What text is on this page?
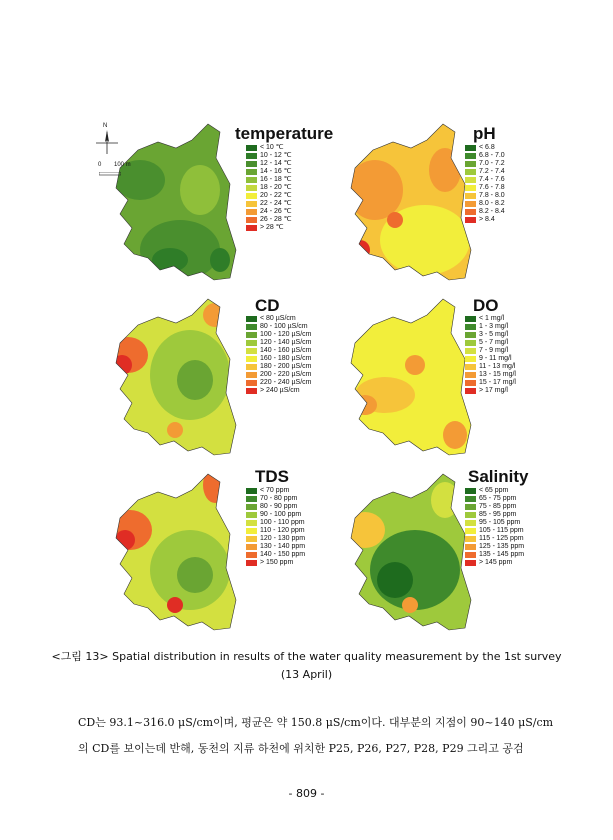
N
0 100 m
temperature	pH
CD	DO
TDS	Salinity
< 10 ℃
10 - 12 ℃
12 - 14 ℃
14 - 16 ℃
16 - 18 ℃
18 - 20 ℃
20 - 22 ℃
22 - 24 ℃
24 - 26 ℃
26 - 28 ℃
> 28 ℃
< 6.8
6.8 - 7.0
7.0 - 7.2
7.2 - 7.4
7.4 - 7.6
7.6 - 7.8
7.8 - 8.0
8.0 - 8.2
8.2 - 8.4
> 8.4
< 80 µS/cm
80 - 100 µS/cm
100 - 120 µS/cm
120 - 140 µS/cm
140 - 160 µS/cm
160 - 180 µS/cm
180 - 200 µS/cm
200 - 220 µS/cm
220 - 240 µS/cm
> 240 µS/cm
< 1 mg/l
1 - 3 mg/l
3 - 5 mg/l
5 - 7 mg/l
7 - 9 mg/l
9 - 11 mg/l
11 - 13 mg/l
13 - 15 mg/l
15 - 17 mg/l
> 17 mg/l
< 70 ppm
70 - 80 ppm
80 - 90 ppm
90 - 100 ppm
100 - 110 ppm
110 - 120 ppm
120 - 130 ppm
130 - 140 ppm
140 - 150 ppm
> 150 ppm
< 65 ppm
65 - 75 ppm
75 - 85 ppm
85 - 95 ppm
95 - 105 ppm
105 - 115 ppm
115 - 125 ppm
125 - 135 ppm
135 - 145 ppm
> 145 ppm
<그림 13> Spatial distribution in results of the water quality measurement by the 1st survey
(13 April)
CD는 93.1~316.0 μS/cm이며, 평균은 약 150.8 μS/cm이다. 대부분의 지점이 90~140 μS/cm
의 CD를 보이는데 반해, 동천의 지류 하천에 위치한 P25, P26, P27, P28, P29 그리고 공검
- 809 -
